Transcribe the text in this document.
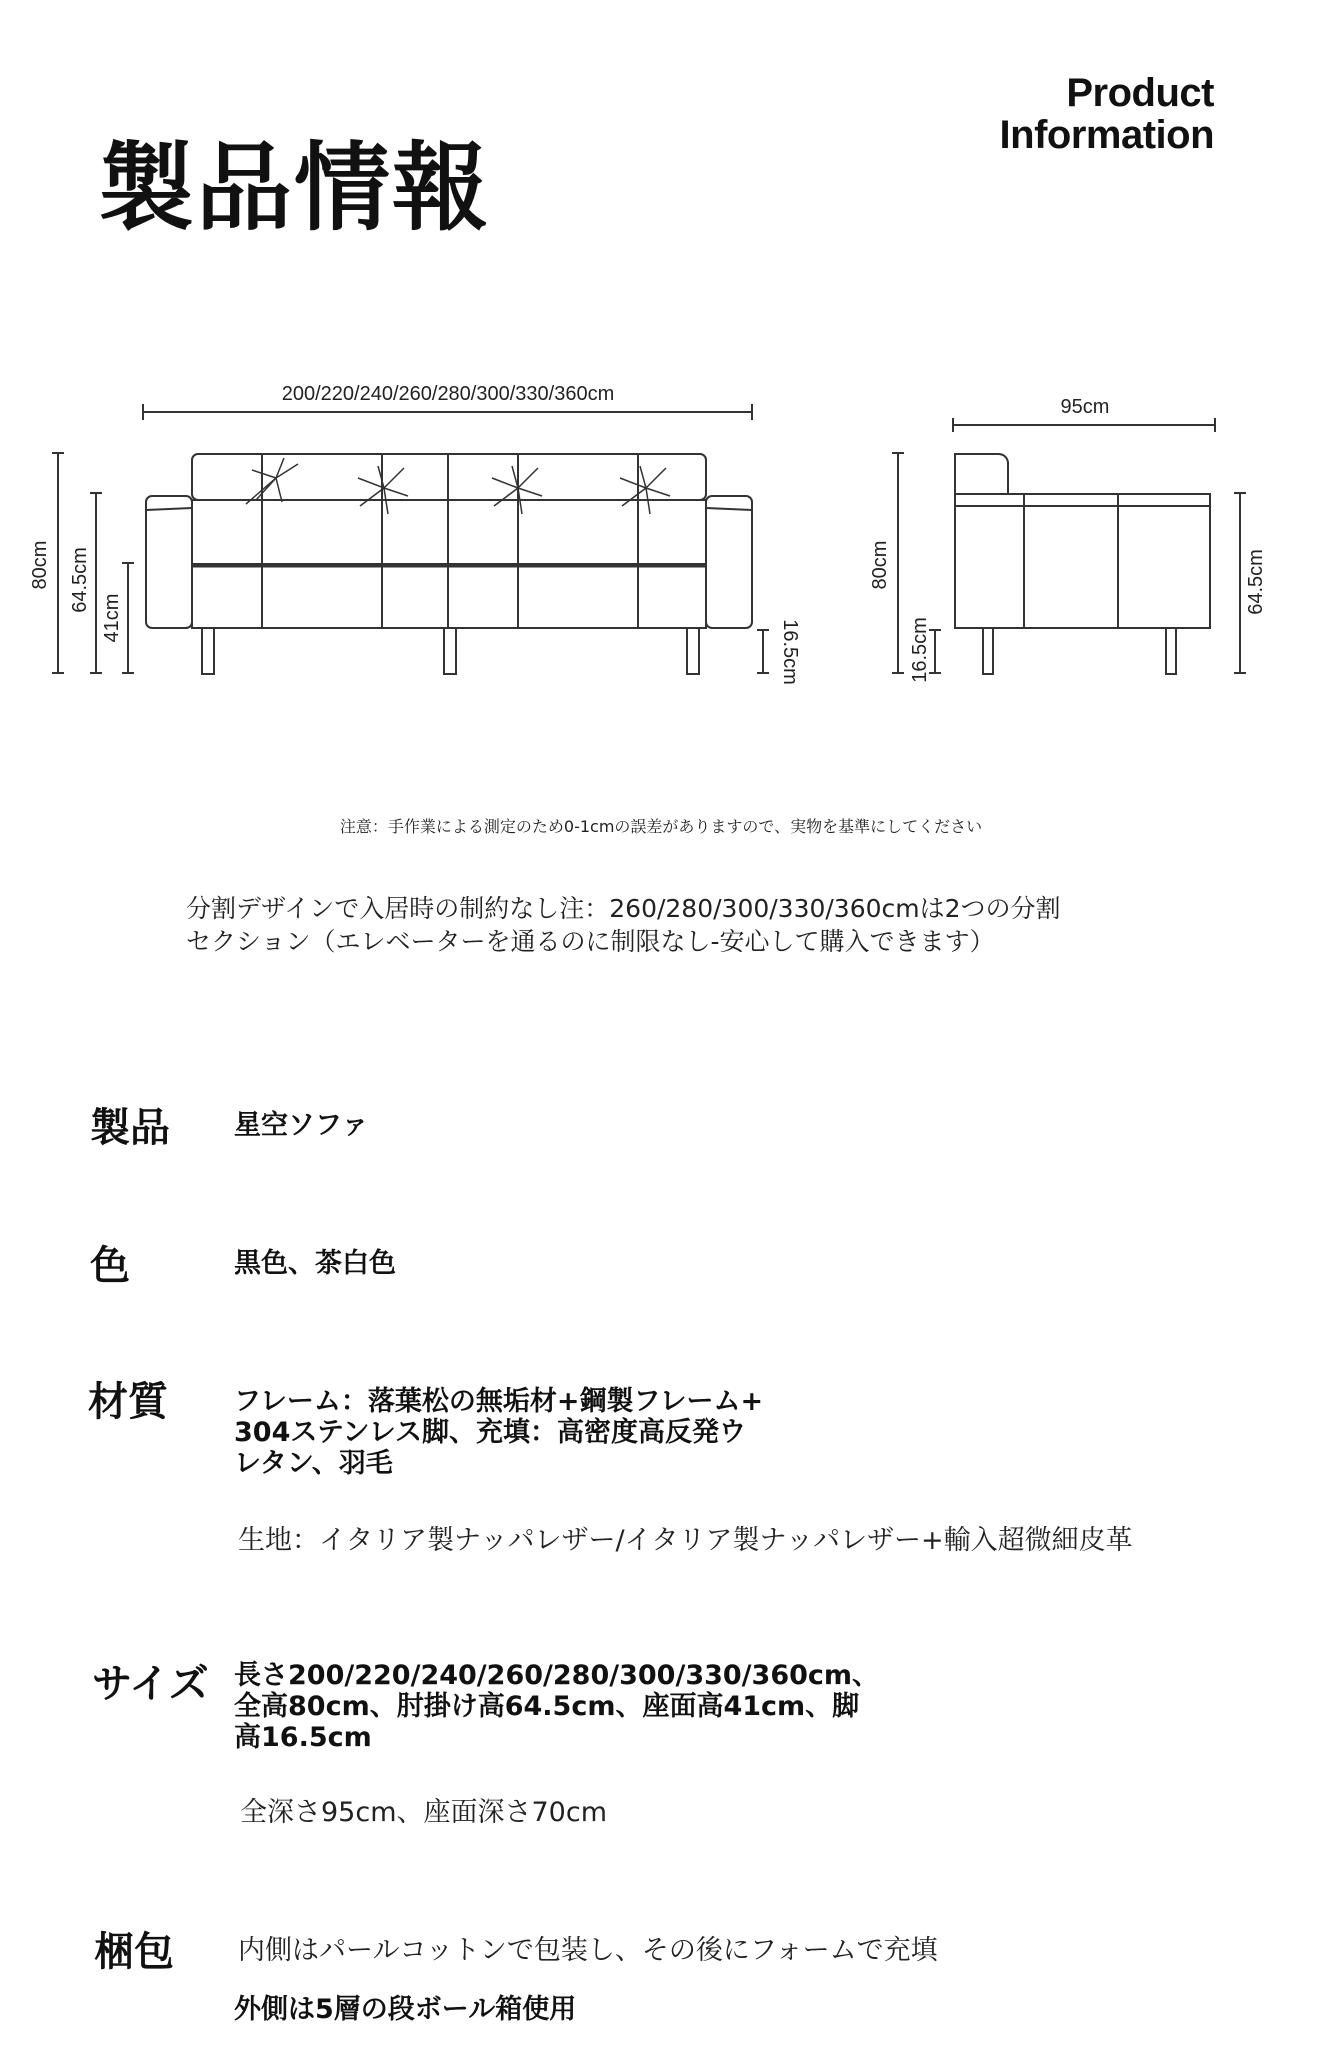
製品情報
Product
Information
200/220/240/260/280/300/330/360cm
80cm 64.5cm
41cm
16.5cm
95cm
80cm
16.5cm
64.5cm
注意：手作業による測定のため0-1cmの誤差がありますので、実物を基準にしてください
分割デザインで入居時の制約なし注：260/280/300/330/360cmは2つの分割
セクション（エレベーターを通るのに制限なし-安心して購入できます）
製品 星空ソファ
色	黒色、茶白色
材質 フレーム：落葉松の無垢材+鋼製フレーム+
304ステンレス脚、充填：高密度高反発ウ
レタン、羽毛
生地：イタリア製ナッパレザー/イタリア製ナッパレザー+輸入超微細皮革
サイズ 長さ200/220/240/260/280/300/330/360cm、
全高80cm、肘掛け高64.5cm、座面高41cm、脚
高16.5cm
全深さ95cm、座面深さ70cm
梱包 内側はパールコットンで包装し、その後にフォームで充填
外側は5層の段ボール箱使用
